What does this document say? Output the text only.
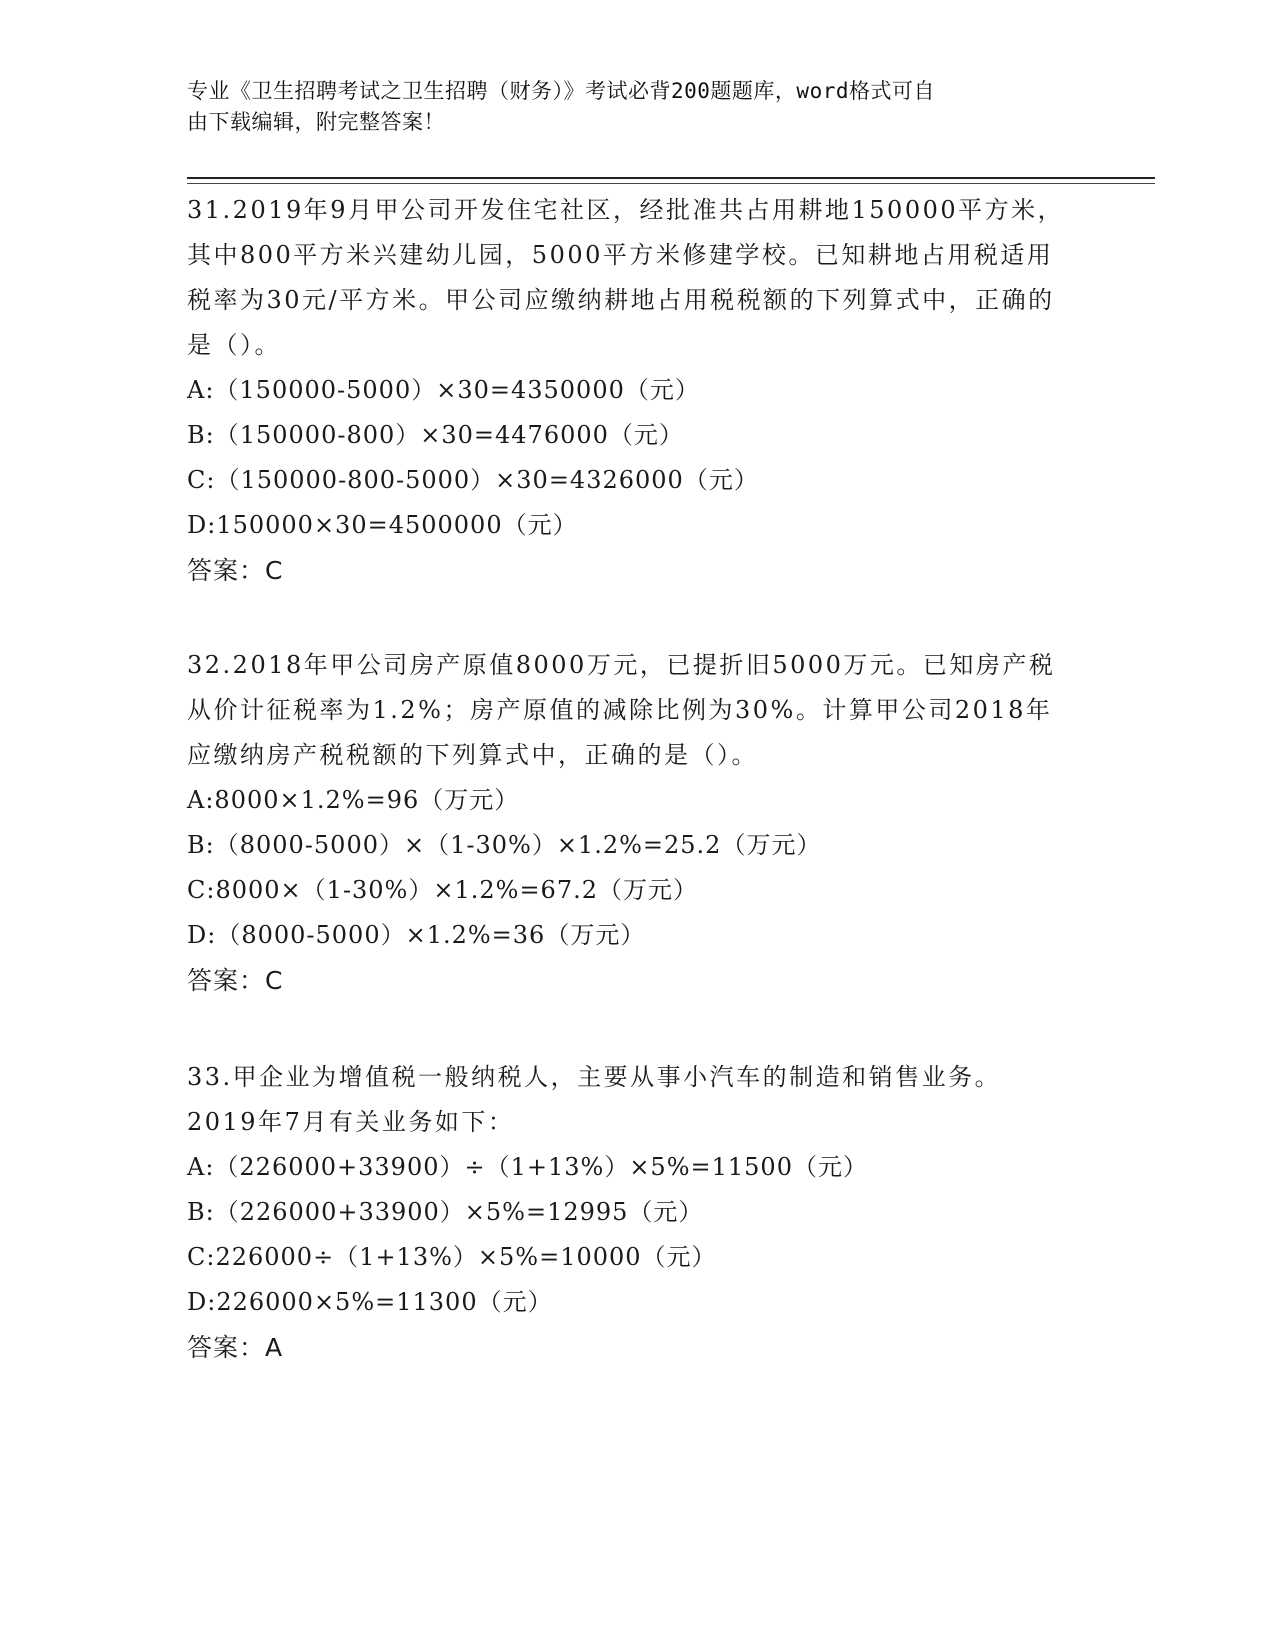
专业《卫生招聘考试之卫生招聘（财务）》考试必背200题题库，word格式可自
由下载编辑，附完整答案！

31.2019年9月甲公司开发住宅社区，经批准共占用耕地150000平方米，其中800平方米兴建幼儿园，5000平方米修建学校。已知耕地占用税适用税率为30元/平方米。甲公司应缴纳耕地占用税税额的下列算式中，正确的是（）。

A:（150000-5000）×30=4350000（元）

B:（150000-800）×30=4476000（元）

C:（150000-800-5000）×30=4326000（元）

D:150000×30=4500000（元）

答案：C

32.2018年甲公司房产原值8000万元，已提折旧5000万元。已知房产税从价计征税率为1.2%；房产原值的减除比例为30%。计算甲公司2018年应缴纳房产税税额的下列算式中，正确的是（）。

A:8000×1.2%=96（万元）

B:（8000-5000）×（1-30%）×1.2%=25.2（万元）

C:8000×（1-30%）×1.2%=67.2（万元）

D:（8000-5000）×1.2%=36（万元）

答案：C

33.甲企业为增值税一般纳税人，主要从事小汽车的制造和销售业务。2019年7月有关业务如下：

A:（226000+33900）÷（1+13%）×5%=11500（元）

B:（226000+33900）×5%=12995（元）

C:226000÷（1+13%）×5%=10000（元）

D:226000×5%=11300（元）

答案：A
